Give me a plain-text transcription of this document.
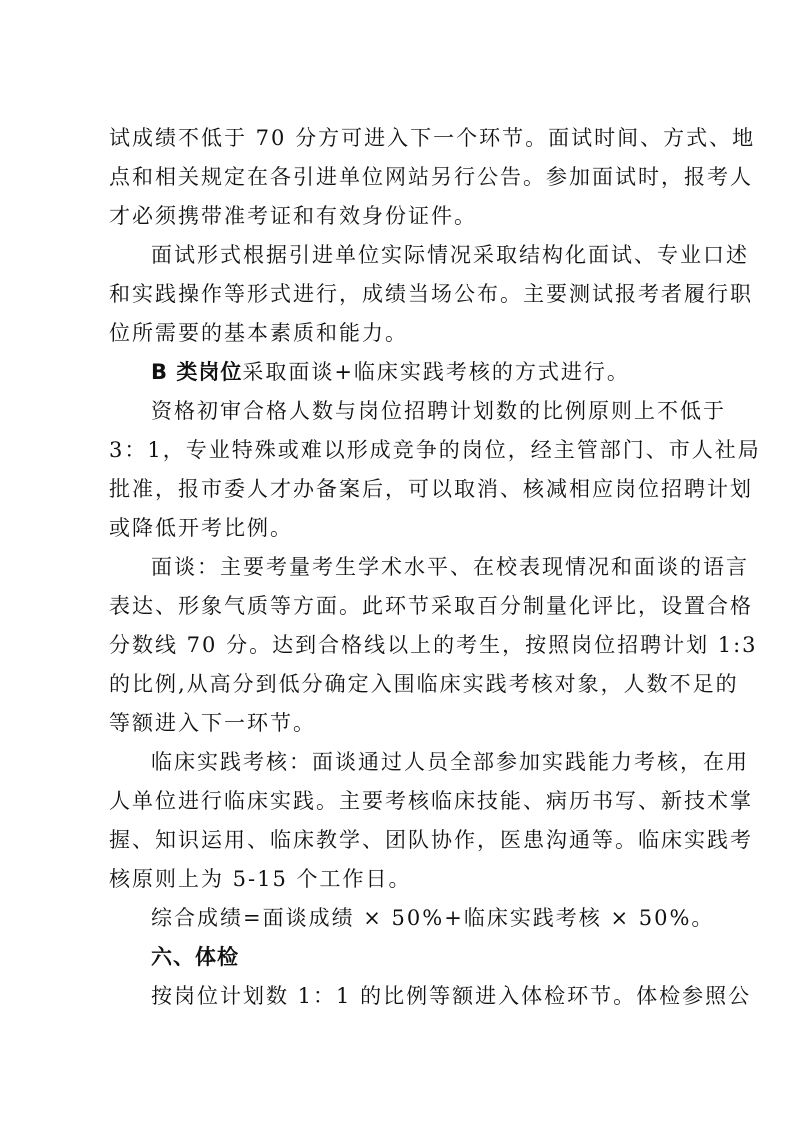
试成绩不低于 70 分方可进入下一个环节。面试时间、方式、地
点和相关规定在各引进单位网站另行公告。参加面试时，报考人
才必须携带准考证和有效身份证件。
面试形式根据引进单位实际情况采取结构化面试、专业口述
和实践操作等形式进行，成绩当场公布。主要测试报考者履行职
位所需要的基本素质和能力。
B 类岗位采取面谈+临床实践考核的方式进行。
资格初审合格人数与岗位招聘计划数的比例原则上不低于
3：1，专业特殊或难以形成竞争的岗位，经主管部门、市人社局
批准，报市委人才办备案后，可以取消、核减相应岗位招聘计划
或降低开考比例。
面谈：主要考量考生学术水平、在校表现情况和面谈的语言
表达、形象气质等方面。此环节采取百分制量化评比，设置合格
分数线 70 分。达到合格线以上的考生，按照岗位招聘计划 1:3
的比例,从高分到低分确定入围临床实践考核对象，人数不足的
等额进入下一环节。
临床实践考核：面谈通过人员全部参加实践能力考核，在用
人单位进行临床实践。主要考核临床技能、病历书写、新技术掌
握、知识运用、临床教学、团队协作，医患沟通等。临床实践考
核原则上为 5-15 个工作日。
综合成绩=面谈成绩 × 50%+临床实践考核 × 50%。
六、体检
按岗位计划数 1：1 的比例等额进入体检环节。体检参照公
